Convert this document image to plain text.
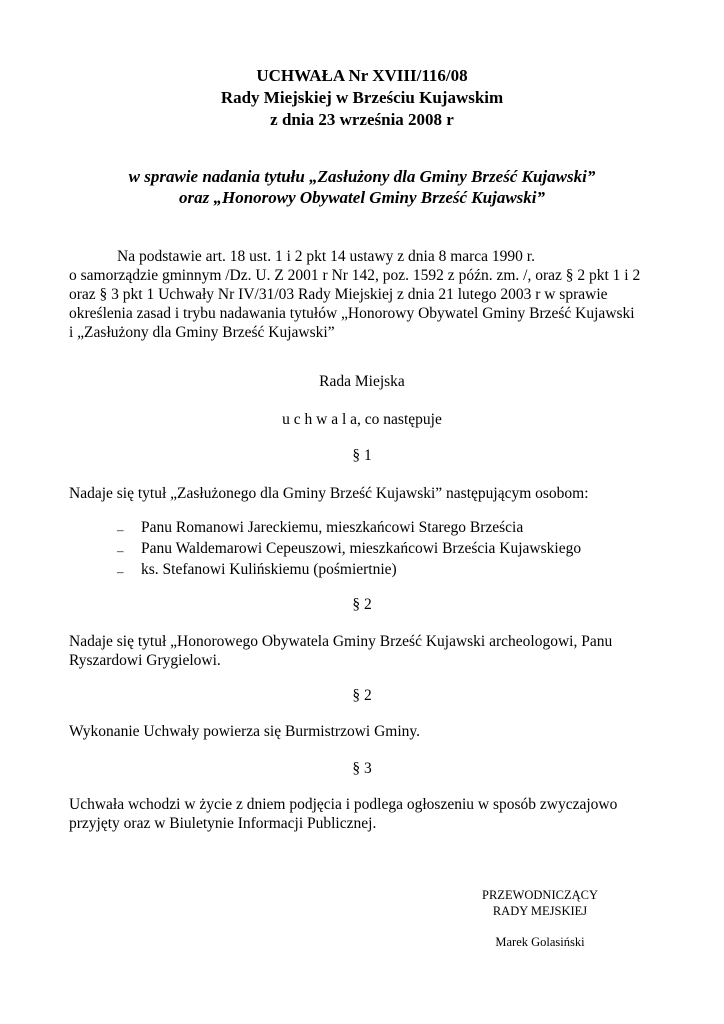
UCHWAŁA Nr XVIII/116/08
Rady Miejskiej w Brześciu Kujawskim
z dnia 23 września 2008 r
w sprawie nadania tytułu „Zasłużony dla Gminy Brześć Kujawski”
oraz „Honorowy Obywatel Gminy Brześć Kujawski”
Na podstawie art. 18 ust. 1 i 2 pkt 14 ustawy z dnia 8 marca 1990 r.
o samorządzie gminnym /Dz. U. Z 2001 r Nr 142, poz. 1592 z późn. zm. /, oraz § 2 pkt 1 i 2
oraz § 3 pkt 1 Uchwały Nr IV/31/03 Rady Miejskiej z dnia 21 lutego 2003 r w sprawie
określenia zasad i trybu nadawania tytułów „Honorowy Obywatel Gminy Brześć Kujawski
i „Zasłużony dla Gminy Brześć Kujawski”
Rada Miejska
u c h w a l a, co następuje
§ 1
Nadaje się tytuł „Zasłużonego dla Gminy Brześć Kujawski” następującym osobom:
– Panu Romanowi Jareckiemu, mieszkańcowi Starego Brześcia
– Panu Waldemarowi Cepeuszowi, mieszkańcowi Brześcia Kujawskiego
– ks. Stefanowi Kulińskiemu (pośmiertnie)
§ 2
Nadaje się tytuł „Honorowego Obywatela Gminy Brześć Kujawski archeologowi, Panu
Ryszardowi Grygielowi.
§ 2
Wykonanie Uchwały powierza się Burmistrzowi Gminy.
§ 3
Uchwała wchodzi w życie z dniem podjęcia i podlega ogłoszeniu w sposób zwyczajowo
przyjęty oraz w Biuletynie Informacji Publicznej.
PRZEWODNICZĄCY
RADY MEJSKIEJ
Marek Golasiński
